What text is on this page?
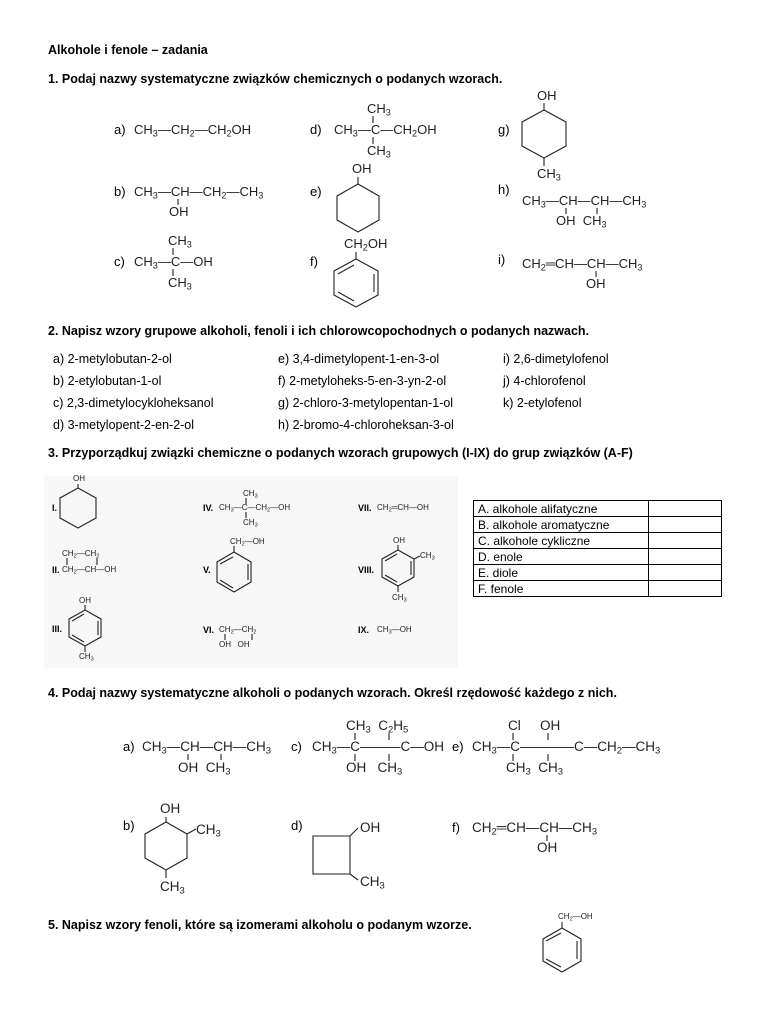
Alkohole i fenole – zadania
1. Podaj nazwy systematyczne związków chemicznych o podanych wzorach.
a) $CH_3—CH_2—CH_2OH$
b) $CH_3—CH—CH_2—CH_3$
OH
c)
$CH_3$
$CH_3—C—OH$
$CH_3$
d)
$CH_3$
$CH_3—C—CH_2OH$
$CH_3$
e)
OH
f)
$CH_2OH$
g)
OH
$CH_3$
h)
$CH_3—CH—CH—CH_3$
OH  $CH_3$
i) $CH_2═CH—CH—CH_3$
OH
2. Napisz wzory grupowe alkoholi, fenoli i ich chlorowcopochodnych o podanych nazwach.
a) 2-metylobutan-2-ol
b) 2-etylobutan-1-ol
c) 2,3-dimetylocykloheksanol
d) 3-metylopent-2-en-2-ol
e) 3,4-dimetylopent-1-en-3-ol
f) 2-metyloheks-5-en-3-yn-2-ol
g) 2-chloro-3-metylopentan-1-ol
h) 2-bromo-4-chloroheksan-3-ol
i) 2,6-dimetylofenol
j) 4-chlorofenol
k) 2-etylofenol
3. Przyporządkuj związki chemiczne o podanych wzorach grupowych (I-IX) do grup związków (A-F)
I.
OH
II.
$CH_2—CH_2$
$CH_2—CH—OH$
III.
OH
$CH_3$
IV.
$CH_3$
$CH_3—C—CH_2—OH$
$CH_3$
V.
$CH_2—OH$
VI. $CH_2—CH_2$
OH   OH
VII. $CH_2═CH—OH$
VIII.
OH
$CH_3$
$CH_3$
IX. $CH_3—OH$
A. alkohole alifatyczne	
B. alkohole aromatyczne	
C. alkohole cykliczne	
D. enole	
E. diole	
F. fenole	
4. Podaj nazwy systematyczne alkoholi o podanych wzorach. Określ rzędowość każdego z nich.
a) $CH_3—CH—CH—CH_3$
OH  $CH_3$
b)
OH
$CH_3$
$CH_3$
c)
$CH_3$  $C_2H_5$
$CH_3—C———C—OH$
OH   $CH_3$
d)	OH
$CH_3$
e)
Cl
$CH_3—C————C—CH_2—CH_3$
$CH_3$  $CH_3$
OH
f) $CH_2═CH—CH—CH_3$
OH
5. Napisz wzory fenoli, które są izomerami alkoholu o podanym wzorze.
$CH_2—OH$
